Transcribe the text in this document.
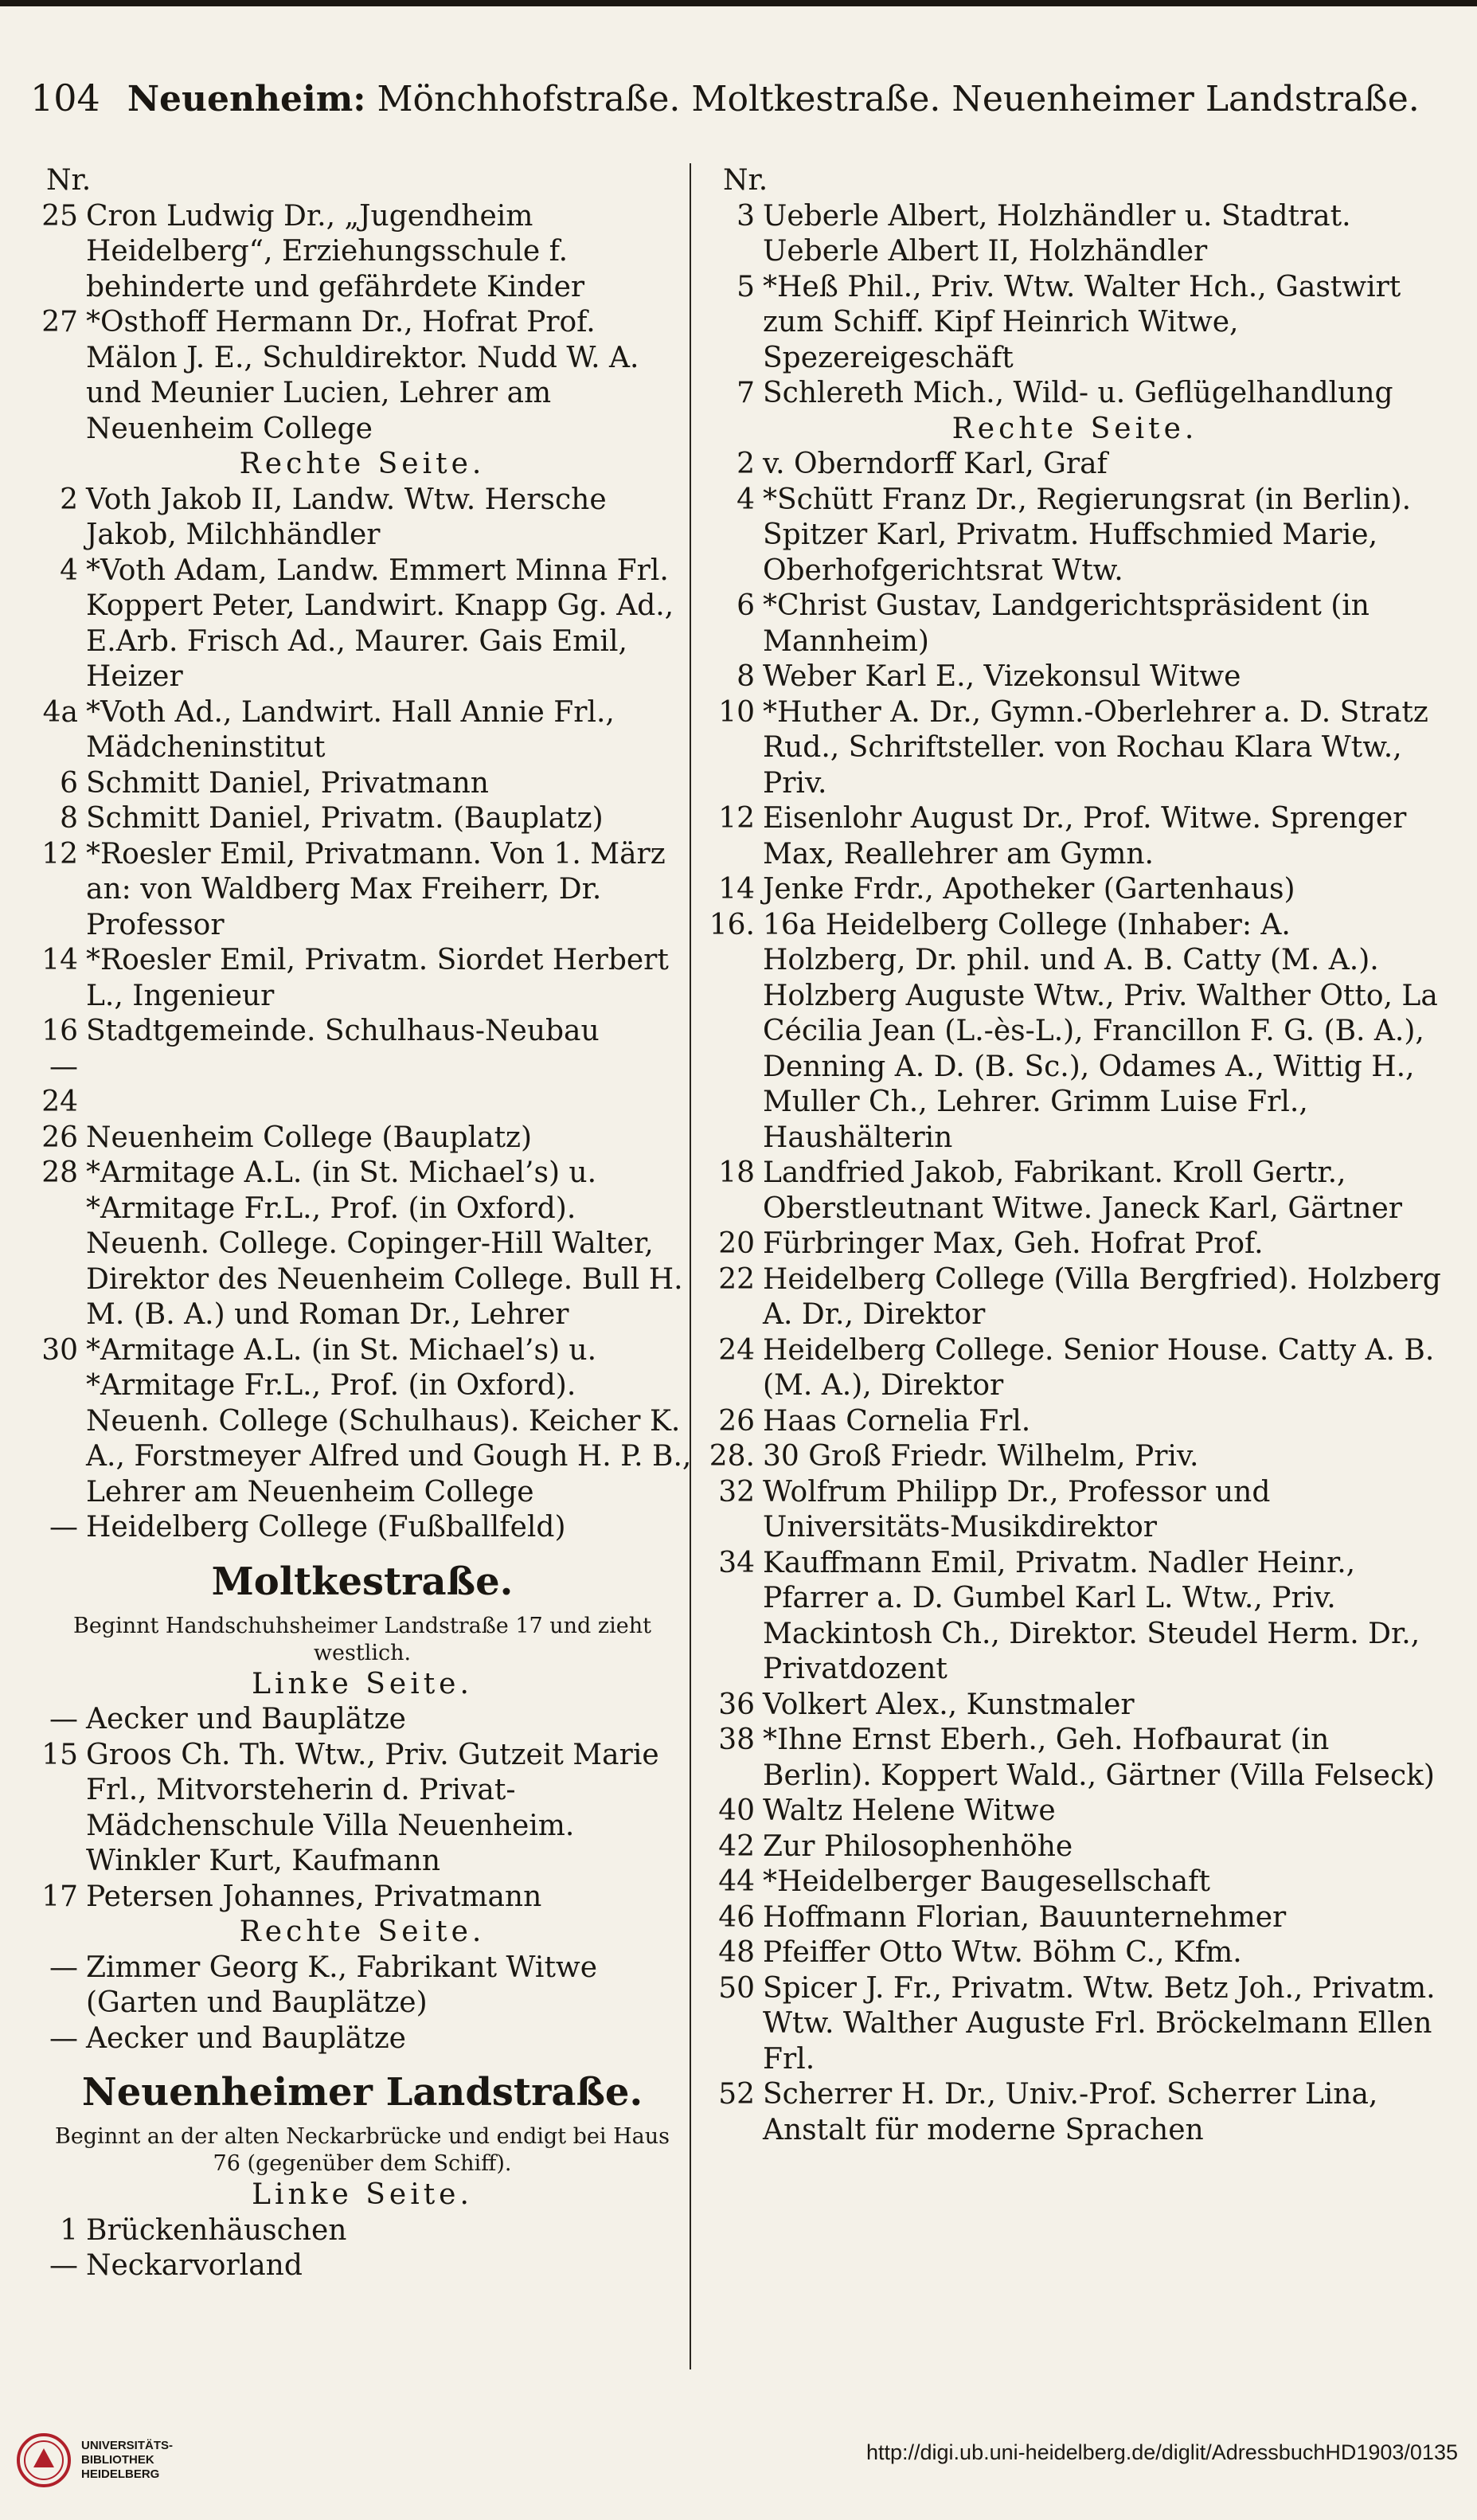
104 Neuenheim: Mönchhofstraße. Moltkestraße. Neuenheimer Landstraße.
Nr.
25 Cron Ludwig Dr., „Jugendheim Heidelberg“, Erziehungsschule f. behinderte und gefährdete Kinder
27 *Osthoff Hermann Dr., Hofrat Prof. Mälon J. E., Schuldirektor. Nudd W. A. und Meunier Lucien, Lehrer am Neuenheim College
Rechte Seite.
2 Voth Jakob II, Landw. Wtw. Hersche Jakob, Milchhändler
4 *Voth Adam, Landw. Emmert Minna Frl. Koppert Peter, Landwirt. Knapp Gg. Ad., E.Arb. Frisch Ad., Maurer. Gais Emil, Heizer
4a *Voth Ad., Landwirt. Hall Annie Frl., Mädcheninstitut
6 Schmitt Daniel, Privatmann
8 Schmitt Daniel, Privatm. (Bauplatz)
12 *Roesler Emil, Privatmann. Von 1. März an: von Waldberg Max Freiherr, Dr. Professor
14 *Roesler Emil, Privatm. Siordet Herbert L., Ingenieur
16—24
Stadtgemeinde. Schulhaus-Neubau
26 Neuenheim College (Bauplatz)
28 *Armitage A.L. (in St. Michael’s) u. *Armitage Fr.L., Prof. (in Oxford). Neuenh. College. Copinger-Hill Walter, Direktor des Neuenheim College. Bull H. M. (B. A.) und Roman Dr., Lehrer
30 *Armitage A.L. (in St. Michael’s) u. *Armitage Fr.L., Prof. (in Oxford). Neuenh. College (Schulhaus). Keicher K. A., Forstmeyer Alfred und Gough H. P. B., Lehrer am Neuenheim College
— Heidelberg College (Fußballfeld)
Moltkestraße.
Beginnt Handschuhsheimer Landstraße 17 und zieht westlich.
Linke Seite.
— Aecker und Bauplätze
15 Groos Ch. Th. Wtw., Priv. Gutzeit Marie Frl., Mitvorsteherin d. Privat-Mädchenschule Villa Neuenheim. Winkler Kurt, Kaufmann
17 Petersen Johannes, Privatmann
Rechte Seite.
— Zimmer Georg K., Fabrikant Witwe (Garten und Bauplätze)
— Aecker und Bauplätze
Neuenheimer Landstraße.
Beginnt an der alten Neckarbrücke und endigt bei Haus 76 (gegenüber dem Schiff).
Linke Seite.
1 Brückenhäuschen
— Neckarvorland
Nr.
3 Ueberle Albert, Holzhändler u. Stadtrat. Ueberle Albert II, Holzhändler
5 *Heß Phil., Priv. Wtw. Walter Hch., Gastwirt zum Schiff. Kipf Heinrich Witwe, Spezereigeschäft
7 Schlereth Mich., Wild- u. Geflügelhandlung
Rechte Seite.
2 v. Oberndorff Karl, Graf
4 *Schütt Franz Dr., Regierungsrat (in Berlin). Spitzer Karl, Privatm. Huffschmied Marie, Oberhofgerichtsrat Wtw.
6 *Christ Gustav, Landgerichtspräsident (in Mannheim)
8 Weber Karl E., Vizekonsul Witwe
10 *Huther A. Dr., Gymn.-Oberlehrer a. D. Stratz Rud., Schriftsteller. von Rochau Klara Wtw., Priv.
12 Eisenlohr August Dr., Prof. Witwe. Sprenger Max, Reallehrer am Gymn.
14 Jenke Frdr., Apotheker (Gartenhaus)
16. 16a Heidelberg College (Inhaber: A. Holzberg, Dr. phil. und A. B. Catty (M. A.). Holzberg Auguste Wtw., Priv. Walther Otto, La Cécilia Jean (L.-ès-L.), Francillon F. G. (B. A.), Denning A. D. (B. Sc.), Odames A., Wittig H., Muller Ch., Lehrer. Grimm Luise Frl., Haushälterin
18 Landfried Jakob, Fabrikant. Kroll Gertr., Oberstleutnant Witwe. Janeck Karl, Gärtner
20 Fürbringer Max, Geh. Hofrat Prof.
22 Heidelberg College (Villa Bergfried). Holzberg A. Dr., Direktor
24 Heidelberg College. Senior House. Catty A. B. (M. A.), Direktor
26 Haas Cornelia Frl.
28. 30 Groß Friedr. Wilhelm, Priv.
32 Wolfrum Philipp Dr., Professor und Universitäts-Musikdirektor
34 Kauffmann Emil, Privatm. Nadler Heinr., Pfarrer a. D. Gumbel Karl L. Wtw., Priv. Mackintosh Ch., Direktor. Steudel Herm. Dr., Privatdozent
36 Volkert Alex., Kunstmaler
38 *Ihne Ernst Eberh., Geh. Hofbaurat (in Berlin). Koppert Wald., Gärtner (Villa Felseck)
40 Waltz Helene Witwe
42 Zur Philosophenhöhe
44 *Heidelberger Baugesellschaft
46 Hoffmann Florian, Bauunternehmer
48 Pfeiffer Otto Wtw. Böhm C., Kfm.
50 Spicer J. Fr., Privatm. Wtw. Betz Joh., Privatm. Wtw. Walther Auguste Frl. Bröckelmann Ellen Frl.
52 Scherrer H. Dr., Univ.-Prof. Scherrer Lina, Anstalt für moderne Sprachen
UNIVERSITÄTS-
BIBLIOTHEK
HEIDELBERG
http://digi.ub.uni-heidelberg.de/diglit/AdressbuchHD1903/0135
